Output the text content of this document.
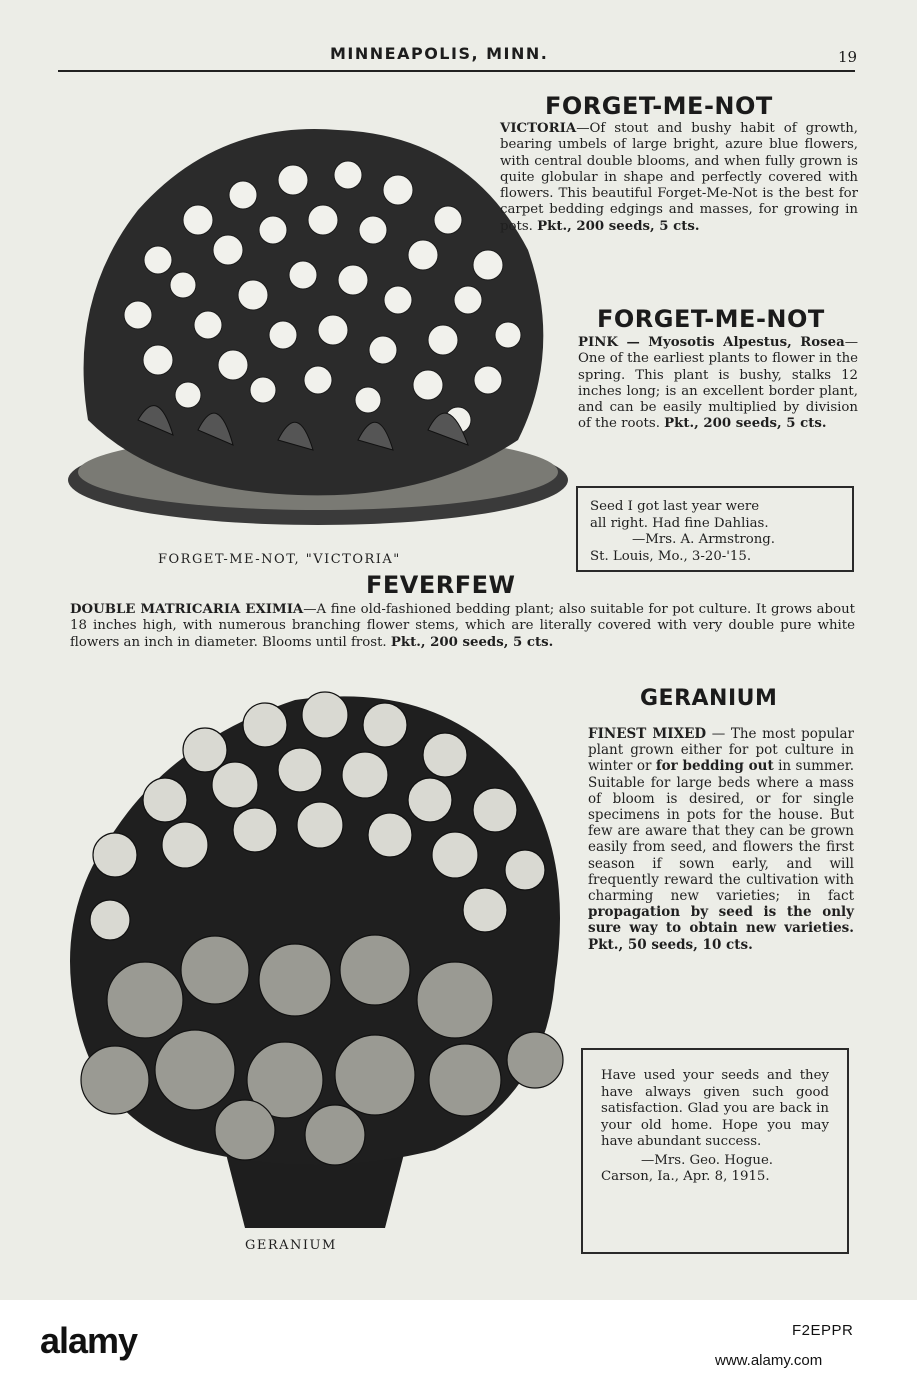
MINNEAPOLIS, MINN.	19
FORGET-ME-NOT, "VICTORIA"
FORGET-ME-NOT
VICTORIA—Of stout and bushy habit of growth, bearing umbels of large bright, azure blue flowers, with central double blooms, and when fully grown is quite globular in shape and perfectly covered with flowers. This beautiful Forget-Me-Not is the best for carpet bedding edgings and masses, for growing in pots. Pkt., 200 seeds, 5 cts.
FORGET-ME-NOT
PINK — Myosotis Alpestus, Rosea—One of the earliest plants to flower in the spring. This plant is bushy, stalks 12 inches long; is an excellent border plant, and can be easily multiplied by division of the roots. Pkt., 200 seeds, 5 cts.

Seed I got last year were

all right. Had fine Dahlias.

—Mrs. A. Armstrong.

St. Louis, Mo., 3-20-'15.

FEVERFEW
DOUBLE MATRICARIA EXIMIA—A fine old-fashioned bedding plant; also suitable for pot culture. It grows about 18 inches high, with numerous branching flower stems, which are literally covered with very double pure white flowers an inch in diameter. Blooms until frost. Pkt., 200 seeds, 5 cts.
GERANIUM
GERANIUM
FINEST MIXED — The most popular plant grown either for pot culture in winter or for bedding out in summer. Suitable for large beds where a mass of bloom is desired, or for single specimens in pots for the house. But few are aware that they can be grown easily from seed, and flowers the first season if sown early, and will frequently reward the cultivation with charming new varieties; in fact propagation by seed is the only sure way to obtain new varieties. Pkt., 50 seeds, 10 cts.

Have used your seeds and they have always given such good satisfaction. Glad you are back in your old home. Hope you may have abundant success.

—Mrs. Geo. Hogue.

Carson, Ia., Apr. 8, 1915.

alamy	F2EPPR
www.alamy.com
